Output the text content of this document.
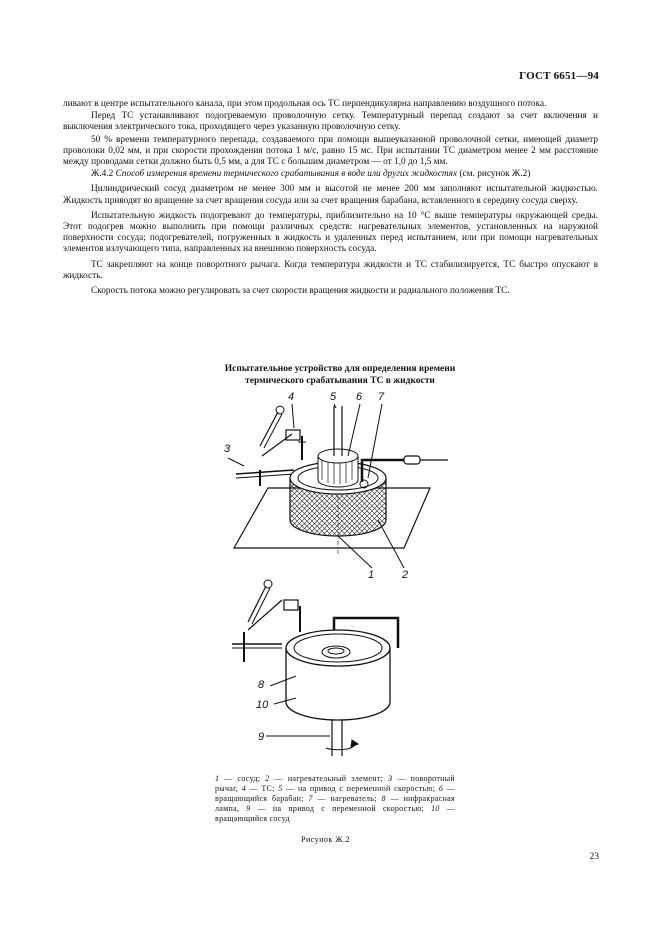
ГОСТ 6651—94

ливают в центре испытательного канала, при этом продольная ось ТС перпендикулярна направлению воздушного потока.

Перед ТС устанавливают подогреваемую проволочную сетку. Температурный перепад создают за счет включения и выключения электрического тока, проходящего через указанную проволочную сетку.

50 % времени температурного перепада, создаваемого при помощи вышеуказанной проволочной сетки, имеющей диаметр проволоки 0,02 мм, и при скорости прохождения потока 1 м/с, равно 15 мс. При испытании ТС диаметром менее 2 мм расстояние между проводами сетки должно быть 0,5 мм, а для ТС с большим диаметром — от 1,0 до 1,5 мм.

Ж.4.2 Способ измерения времени термического срабатывания в воде или других жидкостях (см. рисунок Ж.2)

Цилиндрический сосуд диаметром не менее 300 мм и высотой не менее 200 мм заполняют испытательной жидкостью. Жидкость приводят во вращение за счет вращения сосуда или за счет вращения барабана, вставленного в середину сосуда сверху.

Испытательную жидкость подогревают до температуры, приблизительно на 10 °С выше температуры окружающей среды. Этот подогрев можно выполнить при помощи различных средств: нагревательных элементов, установленных на наружной поверхности сосуда; подогревателей, погруженных в жидкость и удаленных перед испытанием, или при помощи нагревательных элементов излучающего типа, направленных на внешнюю поверхность сосуда.

ТС закрепляют на конце поворотного рычага. Когда температура жидкости и ТС стабилизируется, ТС быстро опускают в жидкость.

Скорость потока можно регулировать за счет скорости вращения жидкости и радиального положения ТС.

Испытательное устройство для определения времени
термического срабатывания ТС в жидкости
3
4	5 6 7
1	2
8
10
9
1 — сосуд; 2 — нагревательный элемент; 3 — поворотный рычаг, 4 — ТС; 5 — на привод с переменной скоростью; 6 — вращающийся барабан; 7 — нагреватель; 8 — инфракрасная лампа, 9 — на привод с переменной скоростью; 10 — вращающийся сосуд
Рисунок Ж.2
23
